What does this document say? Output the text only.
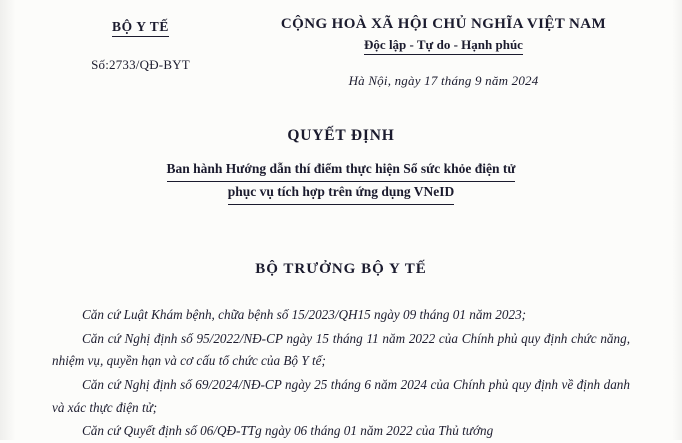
BỘ Y TẾ
Số:2733/QĐ-BYT
CỘNG HOÀ XÃ HỘI CHỦ NGHĨA VIỆT NAM
Độc lập - Tự do - Hạnh phúc
Hà Nội, ngày 17 tháng 9 năm 2024
QUYẾT ĐỊNH
Ban hành Hướng dẫn thí điểm thực hiện Sổ sức khỏe điện tử
phục vụ tích hợp trên ứng dụng VNeID
BỘ TRƯỞNG BỘ Y TẾ

Căn cứ Luật Khám bệnh, chữa bệnh số 15/2023/QH15 ngày 09 tháng 01 năm 2023;

Căn cứ Nghị định số 95/2022/NĐ-CP ngày 15 tháng 11 năm 2022 của Chính phủ quy định chức năng, nhiệm vụ, quyền hạn và cơ cấu tổ chức của Bộ Y tế;

Căn cứ Nghị định số 69/2024/NĐ-CP ngày 25 tháng 6 năm 2024 của Chính phủ quy định về định danh và xác thực điện tử;

Căn cứ Quyết định số 06/QĐ-TTg ngày 06 tháng 01 năm 2022 của Thủ tướng
